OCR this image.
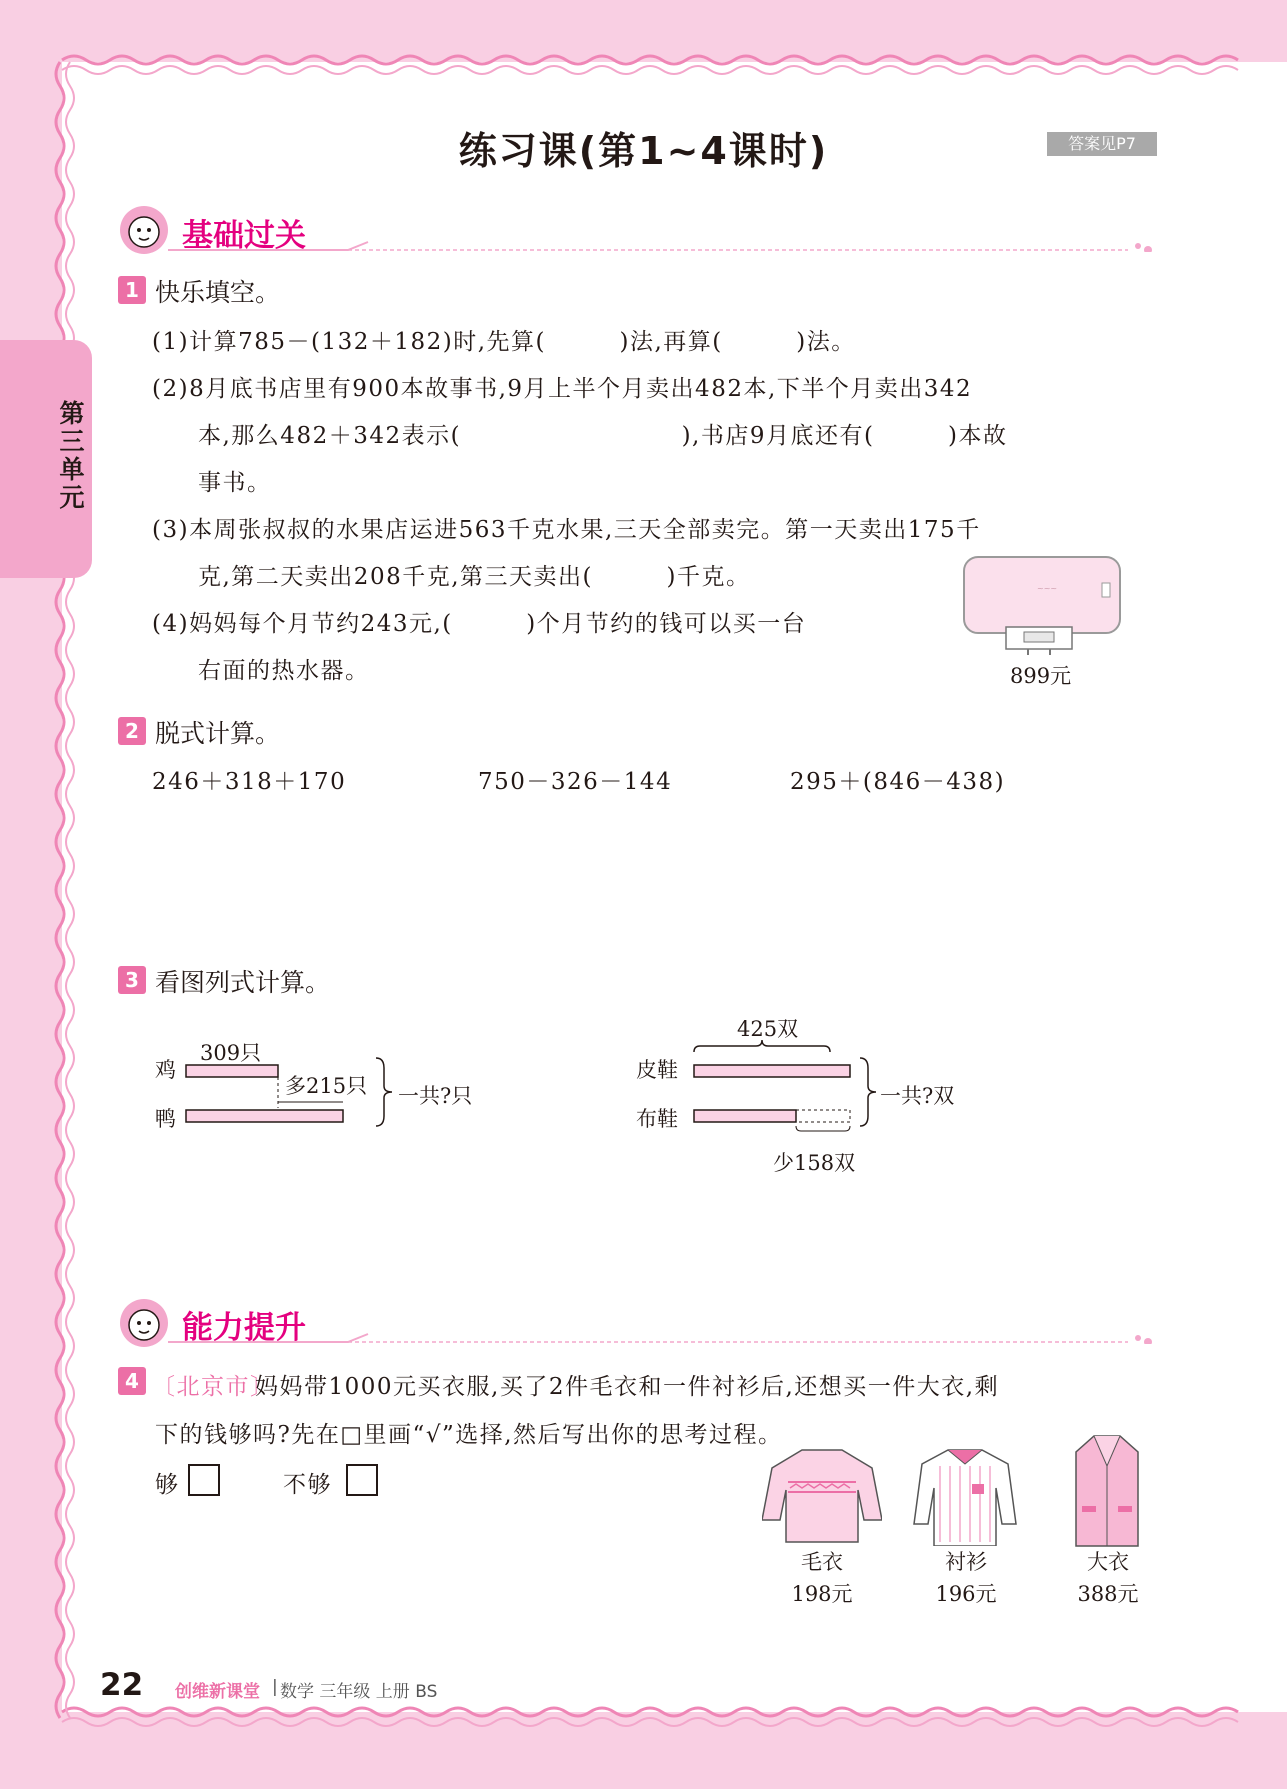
第三单元
练习课(第1~4课时)	答案见P7
基础过关
1 快乐填空。
(1)计算785－(132＋182)时,先算(　　　)法,再算(　　　)法。
(2)8月底书店里有900本故事书,9月上半个月卖出482本,下半个月卖出342
本,那么482＋342表示(　　　　　　　　　),书店9月底还有(　　　)本故
事书。
(3)本周张叔叔的水果店运进563千克水果,三天全部卖完。第一天卖出175千
克,第二天卖出208千克,第三天卖出(　　　)千克。
(4)妈妈每个月节约243元,(　　　)个月节约的钱可以买一台
右面的热水器。
~~~
899元
2 脱式计算。
246＋318＋170	750－326－144	295＋(846－438)
3 看图列式计算。
309只
鸡
鸭
多215只 一共?只
425双
皮鞋
布鞋
少158双
一共?双
能力提升
4 〔北京市〕
妈妈带1000元买衣服,买了2件毛衣和一件衬衫后,还想买一件大衣,剩
下的钱够吗?先在□里画“√”选择,然后写出你的思考过程。
够	不够
毛衣
198元
衬衫
196元
大衣
388元
22 创维新课堂 | 数学 三年级 上册 BS
